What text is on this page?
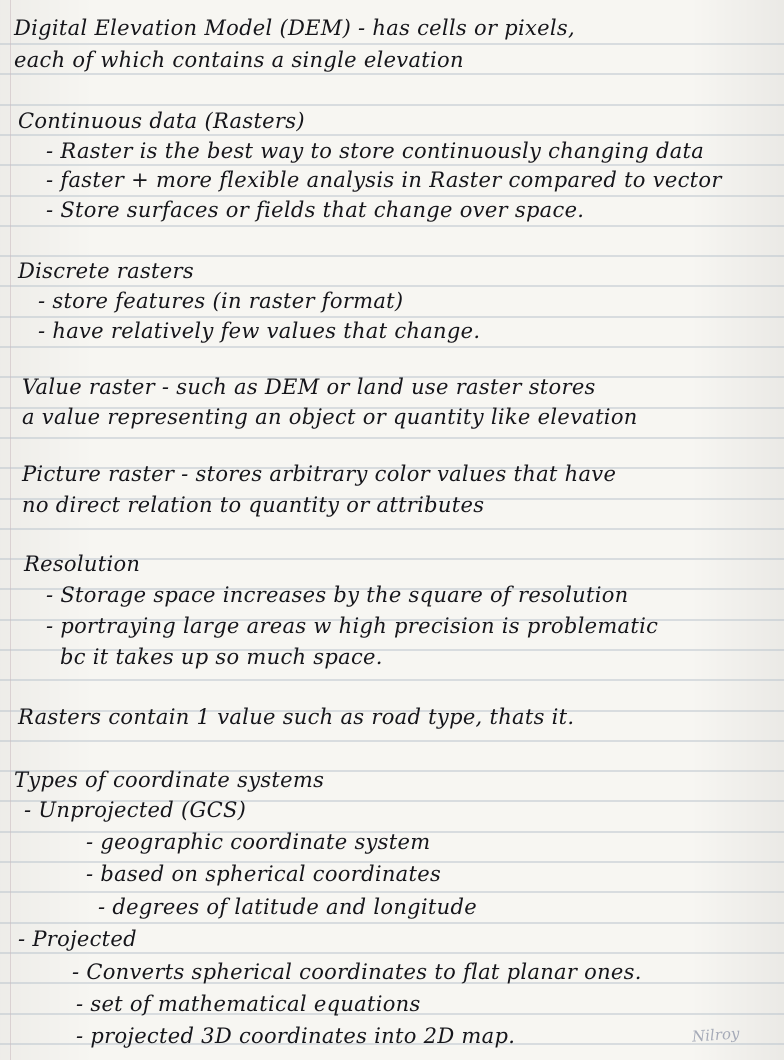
Digital Elevation Model (DEM) - has cells or pixels,
each of which contains a single elevation
Continuous data (Rasters)
- Raster is the best way to store continuously changing data
- faster + more flexible analysis in Raster compared to vector
- Store surfaces or fields that change over space.
Discrete rasters
- store features (in raster format)
- have relatively few values that change.
Value raster - such as DEM or land use raster stores
a value representing an object or quantity like elevation
Picture raster - stores arbitrary color values that have
no direct relation to quantity or attributes
Resolution
- Storage space increases by the square of resolution
- portraying large areas w high precision is problematic
bc it takes up so much space.
Rasters contain 1 value such as road type, thats it.
Types of coordinate systems
- Unprojected (GCS)
- geographic coordinate system
- based on spherical coordinates
- degrees of latitude and longitude
- Projected
- Converts spherical coordinates to flat planar ones.
- set of mathematical equations
- projected 3D coordinates into 2D map.	Nilroy
